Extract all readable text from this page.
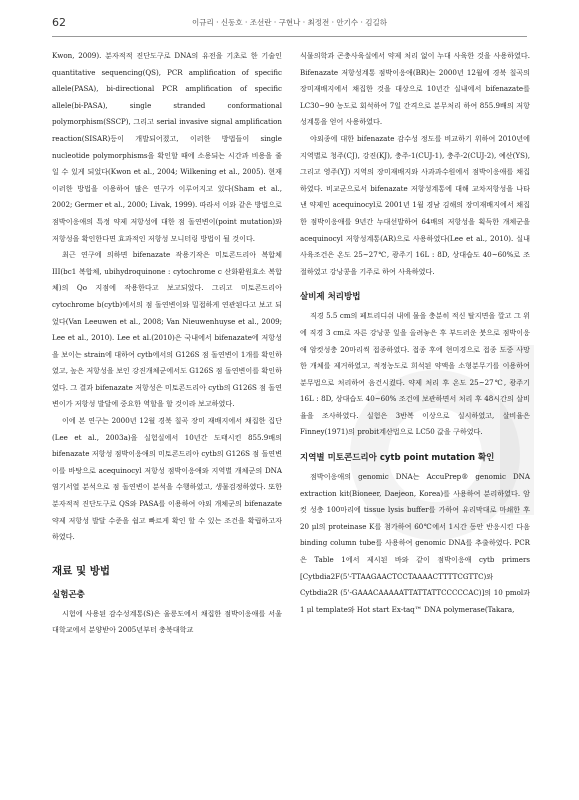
62	이규리 · 신동호 · 조선란 · 구현나 · 최정전 · 안기수 · 김길하

Kwon, 2009). 분자적적 진단도구로 DNA의 유전을 기초로 한 기술인 quantitative sequencing(QS), PCR amplification of specific allele(PASA), bi-directional PCR amplification of specific allele(bi-PASA), single stranded conformational polymorphism(SSCP), 그리고 serial invasive signal amplification reaction(SISAR)등이 개발되어졌고, 이러한 방법들이 single nucleotide polymorphisms을 확인할 때에 소용되는 시간과 비용을 줄일 수 있게 되었다(Kwon et al., 2004; Wilkening et al., 2005). 현재 이러한 방법을 이용하여 많은 연구가 이루어지고 있다(Sham et al., 2002; Germer et al., 2000; Livak, 1999). 따라서 이와 같은 방법으로 점박이응애의 특정 약제 저항성에 대한 점 돌연변이(point mutation)와 저항성을 확인한다면 효과적인 저항성 모니터링 방법이 될 것이다.

최근 연구에 의하면 bifenazate 작용기작은 미토콘드리아 복합체 III(bc1 복합체, ubihydroquinone : cytochrome c 산화환원효소 복합체)의 Qo 지점에 작용한다고 보고되었다. 그리고 미토콘드리아 cytochrome b(cytb)에서의 점 돌연변이와 밀접하게 연관된다고 보고 되었다(Van Leeuwen et al., 2008; Van Nieuwenhuyse et al., 2009; Lee et al., 2010). Lee et al.(2010)은 국내에서 bifenazate에 저항성을 보이는 strain에 대하여 cytb에서의 G126S 점 돌연변이 1개를 확인하였고, 높은 저항성을 보인 강진개체군에서도 G126S 점 돌연변이를 확인하였다. 그 결과 bifenazate 저항성은 미토콘드리아 cytb의 G126S 점 돌연변이가 저항성 발달에 중요한 역할을 할 것이라 보고하였다.

이에 본 연구는 2000년 12월 경북 칠곡 장미 재배지에서 채집한 집단(Lee et al., 2003a)을 실험실에서 10년간 도태시킨 855.9배의 bifenazate 저항성 점박이응애의 미토콘드리아 cytb의 G126S 점 돌연변이를 바탕으로 acequinocyl 저항성 점박이응애와 지역별 개체군의 DNA 염기서열 분석으로 점 돌연변이 분석을 수행하였고, 생물검정하였다. 또한 분자적적 진단도구로 QS와 PASA를 이용하여 야외 개체군의 bifenazate 약제 저항성 발달 수준을 쉽고 빠르게 확인 할 수 있는 조건을 확립하고자 하였다.

재료 및 방법
실험곤충

시험에 사용된 감수성계통(S)은 울릉도에서 채집한 점박이응애를 서울대학교에서 분양받아 2005년부터 충북대학교

식물의학과 곤충사육실에서 약제 처리 없이 누대 사육한 것을 사용하였다. Bifenazate 저항성계통 점박이응애(BR)는 2000년 12월에 경북 칠곡의 장미재배지에서 채집한 것을 대상으로 10년간 실내에서 bifenazate를 LC30~90 농도로 회석하여 7일 간격으로 분무처리 하여 855.9배의 저항성계통을 얻어 사용하였다.

야외종에 대한 bifenazate 감수성 정도를 비교하기 위하여 2010년에 지역별로 청주(CJ), 강진(KJ), 충주-1(CUJ-1), 충주-2(CUJ-2), 예산(YS), 그리고 영주(YJ) 지역의 장미재배지와 사과과수원에서 점박이응애를 채집하였다. 비교군으로서 bifenazate 저항성계통에 대해 교차저항성을 나타낸 약제인 acequinocyl로 2001년 1월 경남 김해의 장미재배지에서 채집한 점박이응애를 9년간 누대선발하여 64배의 저항성을 획득한 개체군을 acequinocyl 저항성계통(AR)으로 사용하였다(Lee et al., 2010). 실내 사육조건은 온도 25~27℃, 광주기 16L : 8D, 상대습도 40~60%로 조절하였고 강낭콩을 기주로 하여 사육하였다.

살비제 처리방법

직경 5.5 cm의 페트리디쉬 내에 물을 충분히 적신 탈지면을 깔고 그 위에 직경 3 cm로 자른 강낭콩 잎을 올려놓은 후 부드러운 붓으로 점박이응애 암컷성충 20마리씩 접종하였다. 접종 후에 현미경으로 접종 도중 사망한 개체를 제거하였고, 적정농도로 희석된 약액을 소형분무기를 이용하여 분무법으로 처리하여 음건시켰다. 약제 처리 후 온도 25~27℃, 광주기 16L : 8D, 상대습도 40~60% 조건에 보관하면서 처리 후 48시간의 살비율을 조사하였다. 실험은 3반복 이상으로 실시하였고, 살비율은 Finney(1971)의 probit계산법으로 LC50 값을 구하였다.

지역별 미토콘드리아 cytb point mutation 확인

점박이응애의 genomic DNA는 AccuPrep® genomic DNA extraction kit(Bioneer, Daejeon, Korea)를 사용하여 분리하였다. 암컷 성충 100마리에 tissue lysis buffer를 가하여 유리막대로 마쇄한 후 20 μl의 proteinase K를 첨가하여 60℃에서 1시간 동안 반응시킨 다음 binding column tube를 사용하여 genomic DNA를 추출하였다. PCR은 Table 1에서 제시된 바와 같이 점박이응애 cytb primers [Cytbdia2F(5'-TTAAGAACTCCTAAAACTTTTCGTTC)와 Cytbdia2R (5'-GAAACAAAAATTATTATTCCCCCAC)]의 10 pmol과 1 μl template와 Hot start Ex-taq™ DNA polymerase(Takara,
